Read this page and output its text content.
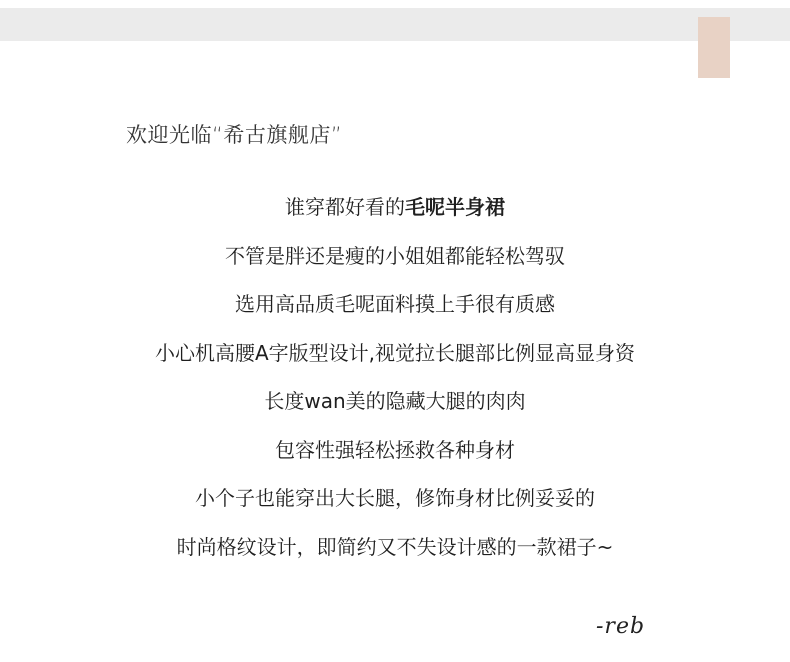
欢迎光临“希古旗舰店”
谁穿都好看的毛呢半身裙
不管是胖还是瘦的小姐姐都能轻松驾驭
选用高品质毛呢面料摸上手很有质感
小心机高腰A字版型设计,视觉拉长腿部比例显高显身资
长度wan美的隐藏大腿的肉肉
包容性强轻松拯救各种身材
小个子也能穿出大长腿，修饰身材比例妥妥的
时尚格纹设计，即简约又不失设计感的一款裙子~
-reb
